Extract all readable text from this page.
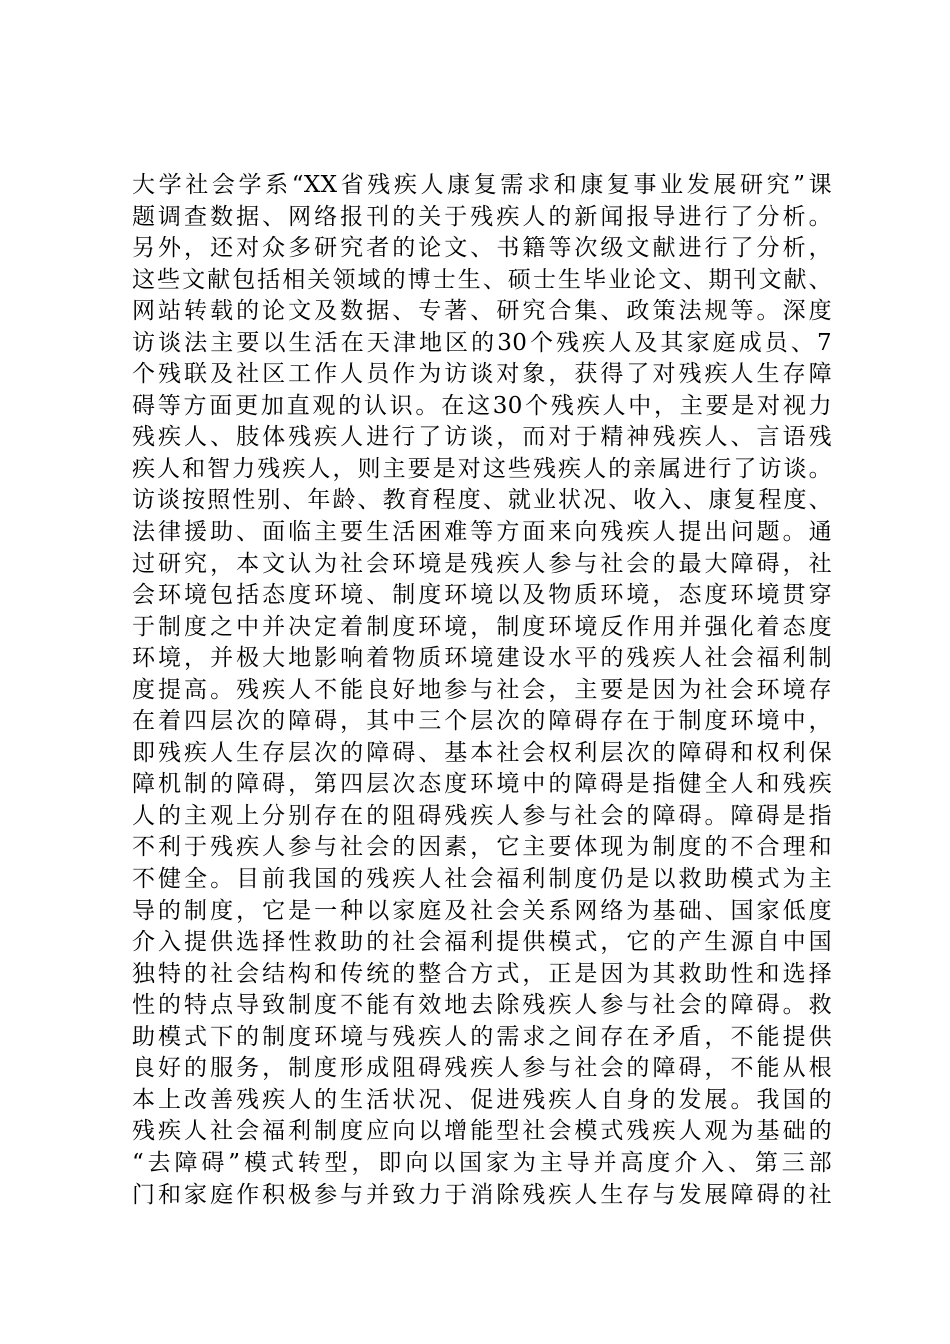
大学社会学系“XX省残疾人康复需求和康复事业发展研究”课
题调查数据、网络报刊的关于残疾人的新闻报导进行了分析。
另外，还对众多研究者的论文、书籍等次级文献进行了分析，
这些文献包括相关领域的博士生、硕士生毕业论文、期刊文献、
网站转载的论文及数据、专著、研究合集、政策法规等。深度
访谈法主要以生活在天津地区的30个残疾人及其家庭成员、7
个残联及社区工作人员作为访谈对象，获得了对残疾人生存障
碍等方面更加直观的认识。在这30个残疾人中，主要是对视力
残疾人、肢体残疾人进行了访谈，而对于精神残疾人、言语残
疾人和智力残疾人，则主要是对这些残疾人的亲属进行了访谈。
访谈按照性别、年龄、教育程度、就业状况、收入、康复程度、
法律援助、面临主要生活困难等方面来向残疾人提出问题。通
过研究，本文认为社会环境是残疾人参与社会的最大障碍，社
会环境包括态度环境、制度环境以及物质环境，态度环境贯穿
于制度之中并决定着制度环境，制度环境反作用并强化着态度
环境，并极大地影响着物质环境建设水平的残疾人社会福利制
度提高。残疾人不能良好地参与社会，主要是因为社会环境存
在着四层次的障碍，其中三个层次的障碍存在于制度环境中，
即残疾人生存层次的障碍、基本社会权利层次的障碍和权利保
障机制的障碍，第四层次态度环境中的障碍是指健全人和残疾
人的主观上分别存在的阻碍残疾人参与社会的障碍。障碍是指
不利于残疾人参与社会的因素，它主要体现为制度的不合理和
不健全。目前我国的残疾人社会福利制度仍是以救助模式为主
导的制度，它是一种以家庭及社会关系网络为基础、国家低度
介入提供选择性救助的社会福利提供模式，它的产生源自中国
独特的社会结构和传统的整合方式，正是因为其救助性和选择
性的特点导致制度不能有效地去除残疾人参与社会的障碍。救
助模式下的制度环境与残疾人的需求之间存在矛盾，不能提供
良好的服务，制度形成阻碍残疾人参与社会的障碍，不能从根
本上改善残疾人的生活状况、促进残疾人自身的发展。我国的
残疾人社会福利制度应向以增能型社会模式残疾人观为基础的
“去障碍”模式转型，即向以国家为主导并高度介入、第三部
门和家庭作积极参与并致力于消除残疾人生存与发展障碍的社
